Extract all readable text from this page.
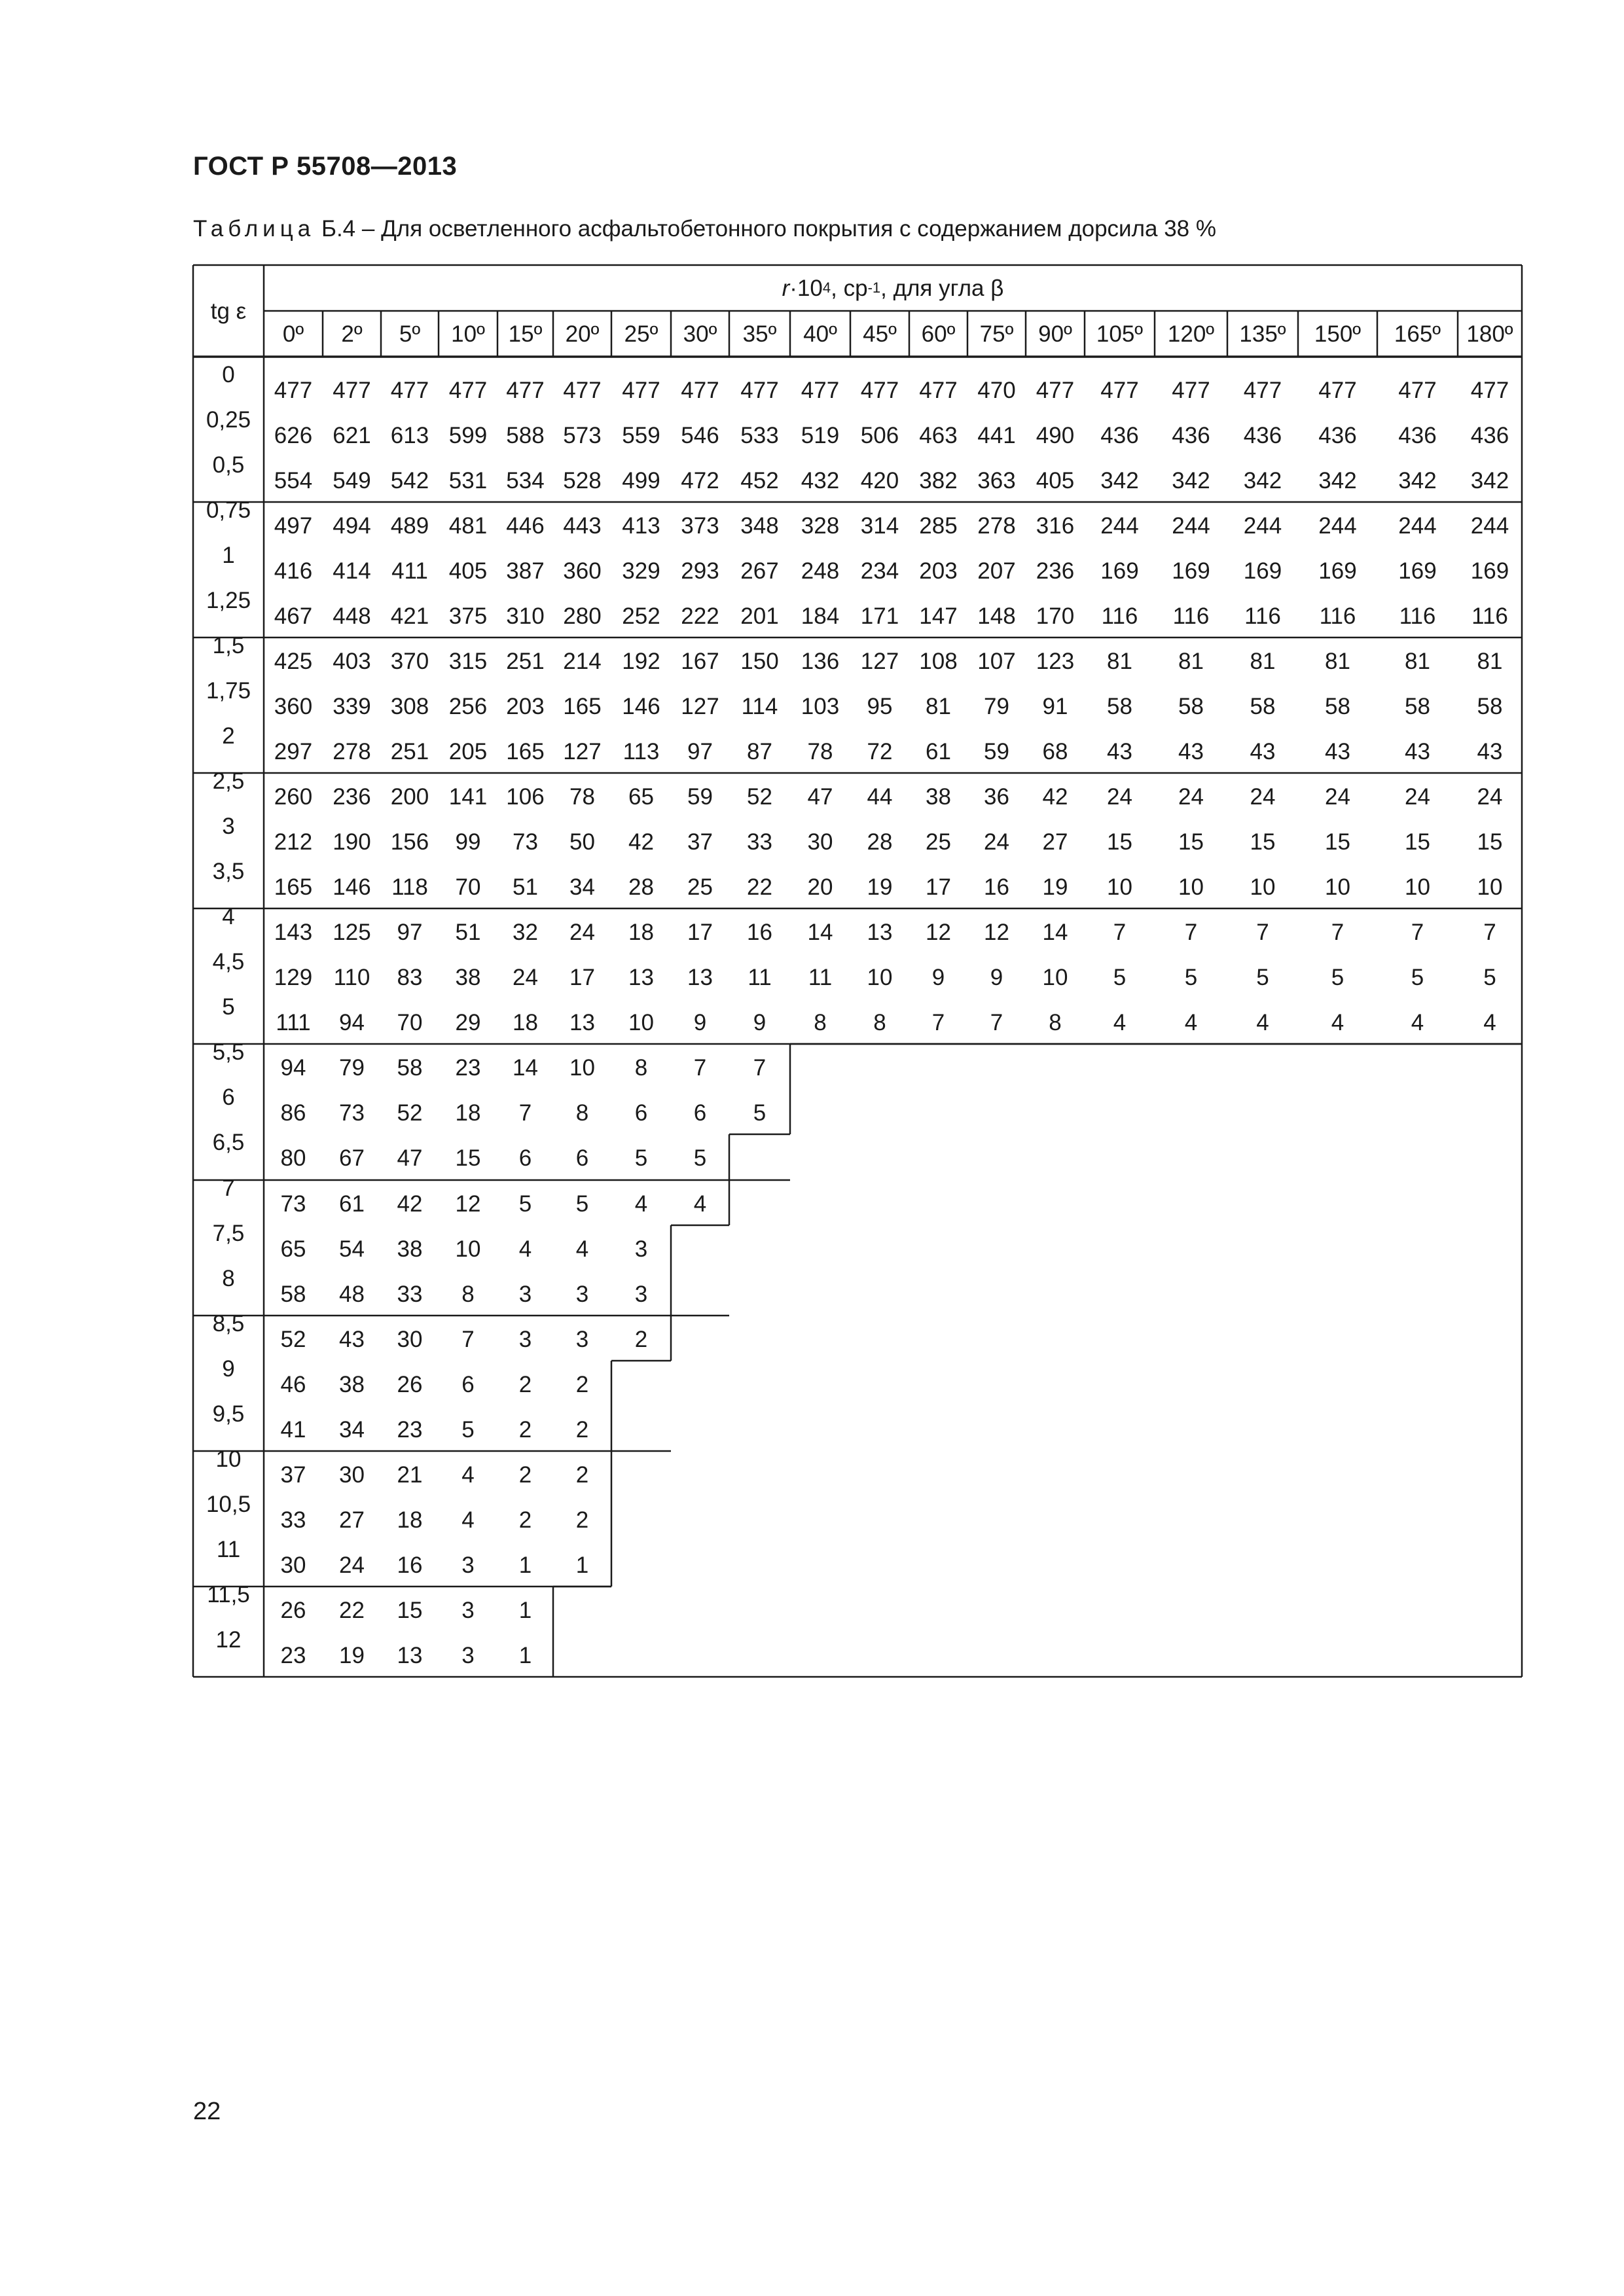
ГОСТ Р 55708—2013
Таблица Б.4 – Для осветленного асфальтобетонного покрытия с содержанием дорсила 38 %
tg ε
r ·10 4 , ср -1 , для угла β
0º	2º	5º	10º	15º	20º	25º	30º	35º	40º	45º	60º	75º	90º	105º	120º	135º	150º	165º	180º
0
477 477 477 477 477 477 477 477 477 477 477 477 470 477	477	477	477	477	477	477
0,25
626 621 613 599 588 573 559 546 533 519 506 463 441 490	436	436	436	436	436	436
0,5
554 549 542 531 534 528 499 472 452 432 420 382 363 405	342	342	342	342	342	342
0,75
497 494 489 481 446 443 413 373 348 328 314 285 278 316	244	244	244	244	244	244
1
416 414 411 405 387 360 329 293 267 248 234 203 207 236	169	169	169	169	169	169
1,25
467 448 421 375 310 280 252 222 201 184 171 147 148 170	116	116	116	116	116	116
1,5
425 403 370 315 251 214 192 167 150 136 127 108 107 123	81	81	81	81	81	81
1,75
360 339 308 256 203 165 146 127 114	103	95	81	79	91	58	58	58	58	58	58
2
297 278 251 205 165 127 113	97	87	78	72	61	59	68	43	43	43	43	43	43
2,5
260 236 200 141 106	78	65	59	52	47	44	38	36	42	24	24	24	24	24	24
3
212 190 156	99	73	50	42	37	33	30	28	25	24	27	15	15	15	15	15	15
3,5
165 146 118	70	51	34	28	25	22	20	19	17	16	19	10	10	10	10	10	10
4
143 125	97	51	32	24	18	17	16	14	13	12	12	14	7	7	7	7	7	7
4,5
129 110	83	38	24	17	13	13	11	11	10	9	9	10	5	5	5	5	5	5
5
111	94	70	29	18	13	10	9	9	8	8	7	7	8	4	4	4	4	4	4
5,5
94	79	58	23	14	10	8	7	7
6
86	73	52	18	7	8	6	6	5
6,5
80	67	47	15	6	6	5	5
7
73	61	42	12	5	5	4	4
7,5
65	54	38	10	4	4	3
8
58	48	33	8	3	3	3
8,5
52	43	30	7	3	3	2
9
46	38	26	6	2	2
9,5
41	34	23	5	2	2
10
37	30	21	4	2	2
10,5
33	27	18	4	2	2
11
30	24	16	3	1	1
11,5
26	22	15	3	1
12
23	19	13	3	1
22
